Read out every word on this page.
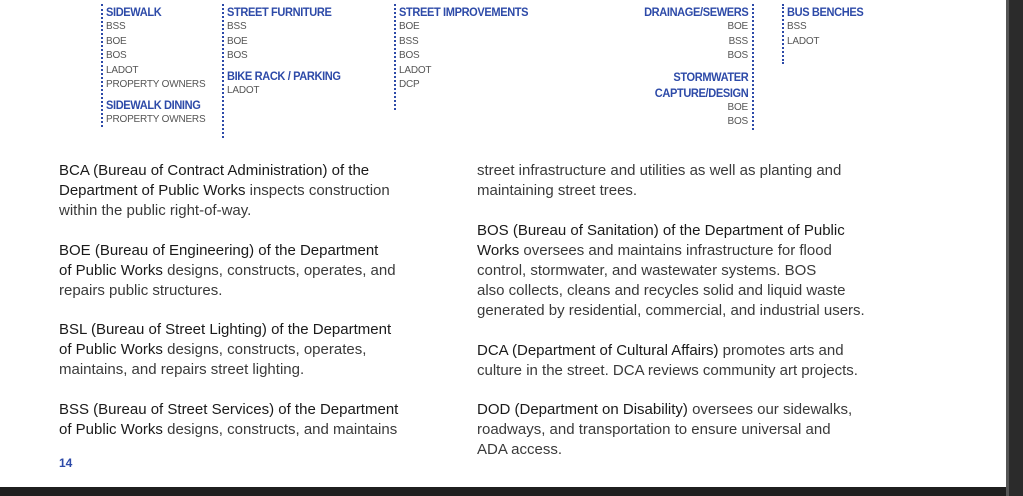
SIDEWALK
BSS
BOE
BOS
LADOT
PROPERTY OWNERS
SIDEWALK DINING
PROPERTY OWNERS
STREET FURNITURE
BSS
BOE
BOS
BIKE RACK / PARKING
LADOT
STREET IMPROVEMENTS
BOE
BSS
BOS
LADOT
DCP
DRAINAGE/SEWERS
BOE
BSS
BOS
STORMWATER
CAPTURE/DESIGN
BOE
BOS
BUS BENCHES
BSS
LADOT
BCA (Bureau of Contract Administration) of the
Department of Public Works inspects construction
within the public right-of-way.
BOE (Bureau of Engineering) of the Department
of Public Works designs, constructs, operates, and
repairs public structures.
BSL (Bureau of Street Lighting) of the Department
of Public Works designs, constructs, operates,
maintains, and repairs street lighting.
BSS (Bureau of Street Services) of the Department
of Public Works designs, constructs, and maintains
street infrastructure and utilities as well as planting and
maintaining street trees.
BOS (Bureau of Sanitation) of the Department of Public
Works oversees and maintains infrastructure for flood
control, stormwater, and wastewater systems. BOS
also collects, cleans and recycles solid and liquid waste
generated by residential, commercial, and industrial users.
DCA (Department of Cultural Affairs) promotes arts and
culture in the street. DCA reviews community art projects.
DOD (Department on Disability) oversees our sidewalks,
roadways, and transportation to ensure universal and
ADA access.
14
